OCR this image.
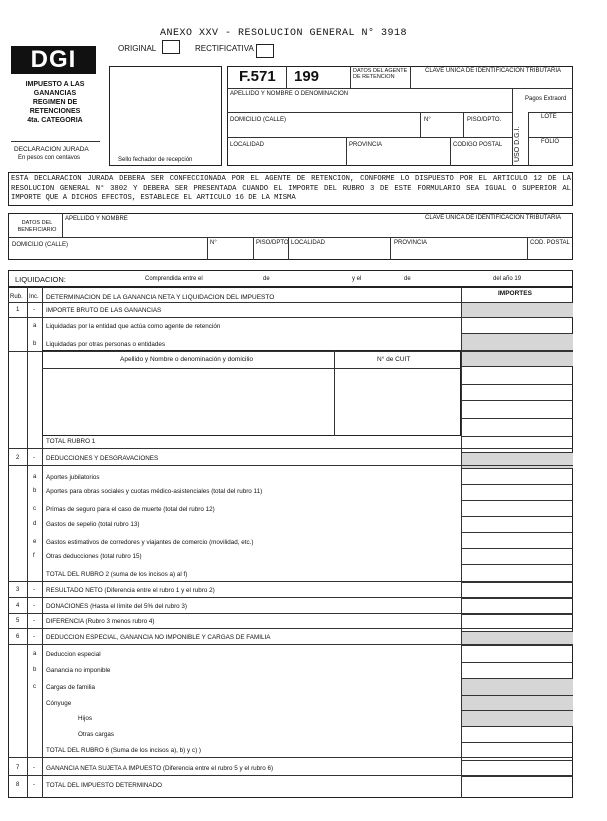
ANEXO XXV - RESOLUCION GENERAL N° 3918
DGI	ORIGINAL	RECTIFICATIVA
IMPUESTO A LAS
GANANCIAS
REGIMEN DE
RETENCIONES
4ta. CATEGORIA
DECLARACION JURADA
En pesos con centavos	Sello fechador de recepción
F.571 199	DATOS DEL AGENTE DE RETENCION
CLAVE UNICA DE IDENTIFICACION TRIBUTARIA
APELLIDO Y NOMBRE O DENOMINACION
Pagos Extraord
DOMICILIO (CALLE)	N°	PISO/DPTO.
USO D.G.I.
LOTE
LOCALIDAD	PROVINCIA	CODIGO POSTAL	FOLIO
ESTA DECLARACION JURADA DEBERA SER CONFECCIONADA POR EL AGENTE DE RETENCION, CONFORME LO DISPUESTO POR EL ARTICULO 12 DE LA RESOLUCION GENERAL N° 3802 Y DEBERA SER PRESENTADA CUANDO EL IMPORTE DEL RUBRO 3 DE ESTE FORMULARIO SEA IGUAL O SUPERIOR AL IMPORTE QUE A DICHOS EFECTOS, ESTABLECE EL ARTICULO 16 DE LA MISMA
DATOS DEL BENEFICIARIO
APELLIDO Y NOMBRE	CLAVE UNICA DE IDENTIFICACION TRIBUTARIA
DOMICILIO (CALLE)	N°	PISO/DPTO LOCALIDAD	PROVINCIA	COD. POSTAL
LIQUIDACION:	Comprendida entre el	de	y el	de	del año 19
Rub. Inc. DETERMINACION DE LA GANANCIA NETA Y LIQUIDACION DEL IMPUESTO
IMPORTES
1 - IMPORTE BRUTO DE LAS GANANCIAS
a Liquidadas por la entidad que actúa como agente de retención
b Liquidadas por otras personas o entidades
TOTAL RUBRO 1
2 - DEDUCCIONES Y DESGRAVACIONES
a Aportes jubilatorios
b Aportes para obras sociales y cuotas médico-asistenciales (total del rubro 11)
c Primas de seguro para el caso de muerte (total del rubro 12)
d Gastos de sepelio (total rubro 13)
e Gastos estimativos de corredores y viajantes de comercio (movilidad, etc.)
f Otras deducciones (total rubro 15)
TOTAL DEL RUBRO 2 (suma de los incisos a) al f)
3 - RESULTADO NETO (Diferencia entre el rubro 1 y el rubro 2)
4 - DONACIONES (Hasta el límite del 5% del rubro 3)
5 - DIFERENCIA (Rubro 3 menos rubro 4)
6 - DEDUCCION ESPECIAL, GANANCIA NO IMPONIBLE Y CARGAS DE FAMILIA
a Deduccion especial
b Ganancia no imponible
c Cargas de familia
Cónyuge
Hijos
Otras cargas
TOTAL DEL RUBRO 6 (Suma de los incisos a), b) y c) )
7 - GANANCIA NETA SUJETA A IMPUESTO (Diferencia entre el rubro 5 y el rubro 6)
8 - TOTAL DEL IMPUESTO DETERMINADO
Apellido y Nombre o denominación y domicilio	N° de CUIT
